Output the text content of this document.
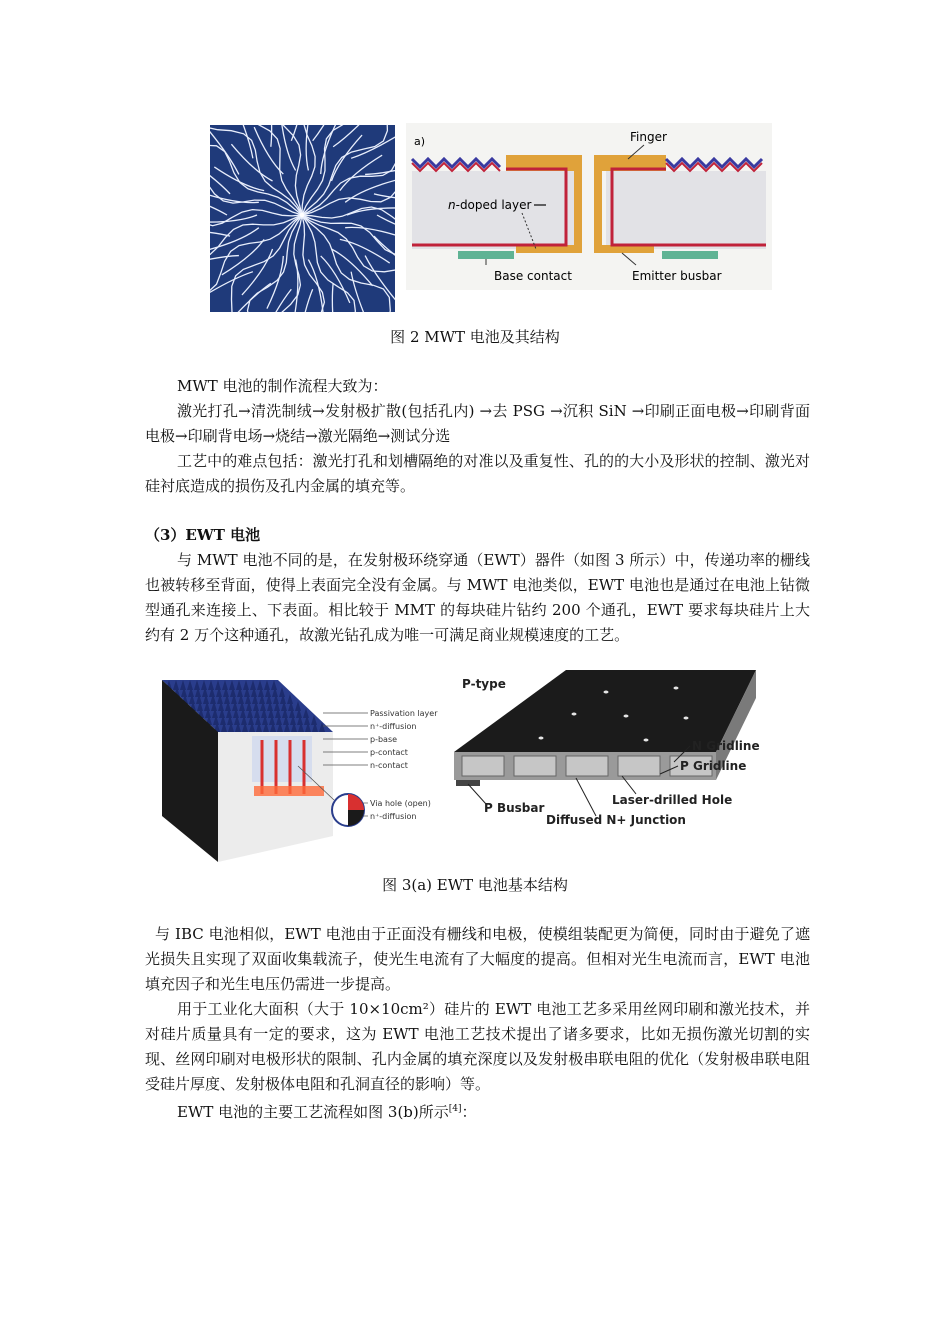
a)	Finger
n-doped layer
Base contact	Emitter busbar
图 2 MWT 电池及其结构

MWT 电池的制作流程大致为：

激光打孔→清洗制绒→发射极扩散(包括孔内) →去 PSG →沉积 SiN →印刷正面电极→印刷背面电极→印刷背电场→烧结→激光隔绝→测试分选

工艺中的难点包括：激光打孔和划槽隔绝的对准以及重复性、孔的的大小及形状的控制、激光对硅衬底造成的损伤及孔内金属的填充等。

（3）EWT 电池

与 MWT 电池不同的是，在发射极环绕穿通（EWT）器件（如图 3 所示）中，传递功率的栅线也被转移至背面，使得上表面完全没有金属。与 MWT 电池类似，EWT 电池也是通过在电池上钻微型通孔来连接上、下表面。相比较于 MMT 的每块硅片钻约 200 个通孔，EWT 要求每块硅片上大约有 2 万个这种通孔，故激光钻孔成为唯一可满足商业规模速度的工艺。

Passivation layer
n⁺-diffusion
p-base
p-contact
n-contact
Via hole (open)
n⁺-diffusion
P-type
N Gridline
P Gridline
Laser-drilled Hole
P Busbar
Diffused N+ Junction
图 3(a) EWT 电池基本结构

与 IBC 电池相似，EWT 电池由于正面没有栅线和电极，使模组装配更为简便，同时由于避免了遮光损失且实现了双面收集载流子，使光生电流有了大幅度的提高。但相对光生电流而言，EWT 电池填充因子和光生电压仍需进一步提高。

用于工业化大面积（大于 10×10cm²）硅片的 EWT 电池工艺多采用丝网印刷和激光技术，并对硅片质量具有一定的要求，这为 EWT 电池工艺技术提出了诸多要求，比如无损伤激光切割的实现、丝网印刷对电极形状的限制、孔内金属的填充深度以及发射极串联电阻的优化（发射极串联电阻受硅片厚度、发射极体电阻和孔洞直径的影响）等。

EWT 电池的主要工艺流程如图 3(b)所示[4]：
